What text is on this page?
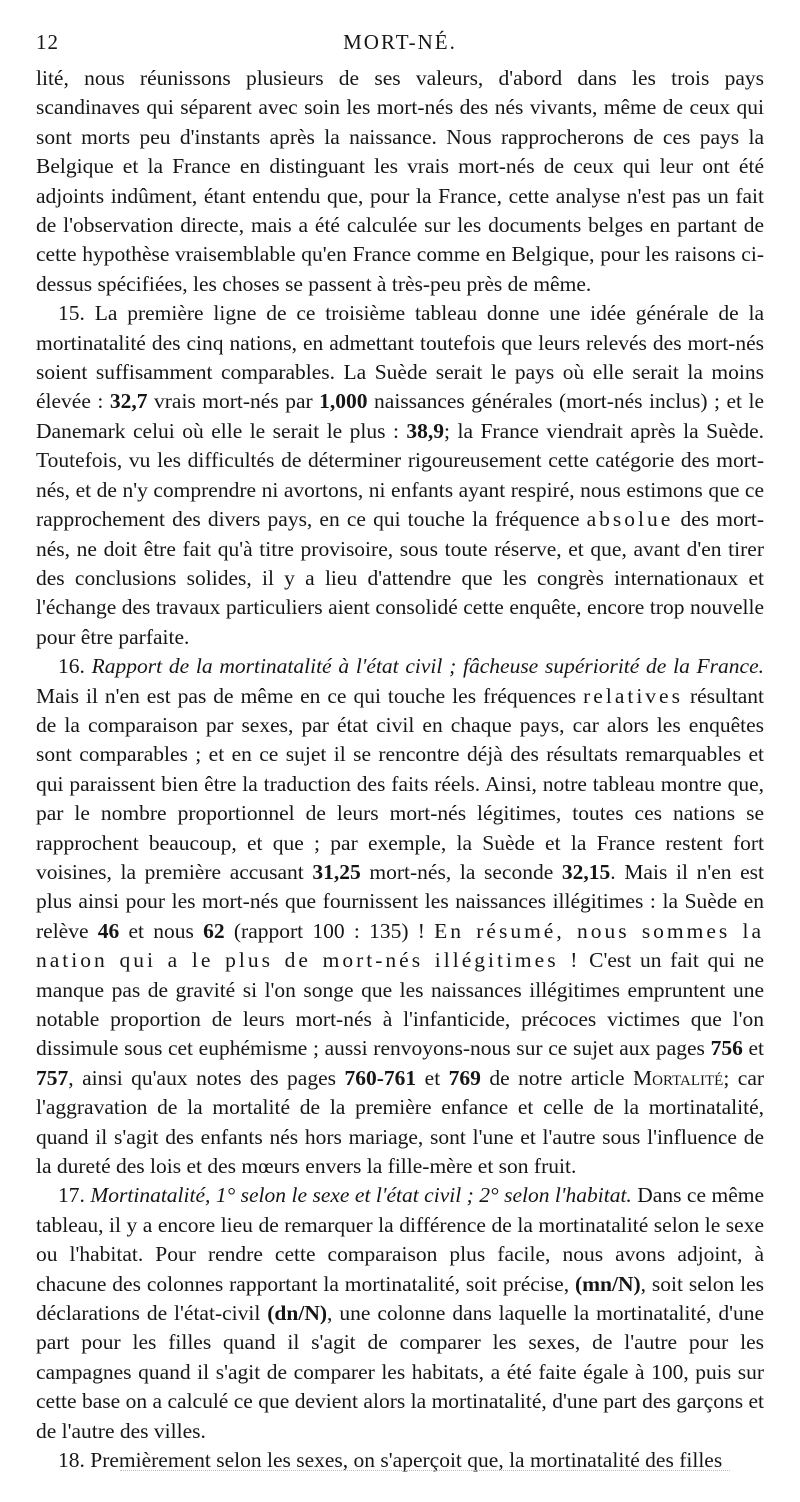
12	MORT-NÉ.

lité, nous réunissons plusieurs de ses valeurs, d'abord dans les trois pays scandinaves qui séparent avec soin les mort-nés des nés vivants, même de ceux qui sont morts peu d'instants après la naissance. Nous rapprocherons de ces pays la Belgique et la France en distinguant les vrais mort-nés de ceux qui leur ont été adjoints indûment, étant entendu que, pour la France, cette analyse n'est pas un fait de l'observation directe, mais a été calculée sur les documents belges en partant de cette hypothèse vraisemblable qu'en France comme en Belgique, pour les raisons ci-dessus spécifiées, les choses se passent à très-peu près de même.

15. La première ligne de ce troisième tableau donne une idée générale de la mortinatalité des cinq nations, en admettant toutefois que leurs relevés des mort-nés soient suffisamment comparables. La Suède serait le pays où elle serait la moins élevée : 32,7 vrais mort-nés par 1,000 naissances générales (mort-nés inclus) ; et le Danemark celui où elle le serait le plus : 38,9; la France viendrait après la Suède. Toutefois, vu les difficultés de déterminer rigoureusement cette catégorie des mort-nés, et de n'y comprendre ni avortons, ni enfants ayant respiré, nous estimons que ce rapprochement des divers pays, en ce qui touche la fréquence absolue des mort-nés, ne doit être fait qu'à titre provisoire, sous toute réserve, et que, avant d'en tirer des conclusions solides, il y a lieu d'attendre que les congrès internationaux et l'échange des travaux particuliers aient consolidé cette enquête, encore trop nouvelle pour être parfaite.

16. Rapport de la mortinatalité à l'état civil ; fâcheuse supériorité de la France. Mais il n'en est pas de même en ce qui touche les fréquences relatives résultant de la comparaison par sexes, par état civil en chaque pays, car alors les enquêtes sont comparables ; et en ce sujet il se rencontre déjà des résultats remarquables et qui paraissent bien être la traduction des faits réels. Ainsi, notre tableau montre que, par le nombre proportionnel de leurs mort-nés légitimes, toutes ces nations se rapprochent beaucoup, et que ; par exemple, la Suède et la France restent fort voisines, la première accusant 31,25 mort-nés, la seconde 32,15. Mais il n'en est plus ainsi pour les mort-nés que fournissent les naissances illégitimes : la Suède en relève 46 et nous 62 (rapport 100 : 135) ! En résumé, nous sommes la nation qui a le plus de mort-nés illégitimes ! C'est un fait qui ne manque pas de gravité si l'on songe que les naissances illégitimes empruntent une notable proportion de leurs mort-nés à l'infanticide, précoces victimes que l'on dissimule sous cet euphémisme ; aussi renvoyons-nous sur ce sujet aux pages 756 et 757, ainsi qu'aux notes des pages 760-761 et 769 de notre article Mortalité; car l'aggravation de la mortalité de la première enfance et celle de la mortinatalité, quand il s'agit des enfants nés hors mariage, sont l'une et l'autre sous l'influence de la dureté des lois et des mœurs envers la fille-mère et son fruit.

17. Mortinatalité, 1° selon le sexe et l'état civil ; 2° selon l'habitat. Dans ce même tableau, il y a encore lieu de remarquer la différence de la mortinatalité selon le sexe ou l'habitat. Pour rendre cette comparaison plus facile, nous avons adjoint, à chacune des colonnes rapportant la mortinatalité, soit précise, (mn/N), soit selon les déclarations de l'état-civil (dn/N), une colonne dans laquelle la mortinatalité, d'une part pour les filles quand il s'agit de comparer les sexes, de l'autre pour les campagnes quand il s'agit de comparer les habitats, a été faite égale à 100, puis sur cette base on a calculé ce que devient alors la mortinatalité, d'une part des garçons et de l'autre des villes.

18. Premièrement selon les sexes, on s'aperçoit que, la mortinatalité des filles
